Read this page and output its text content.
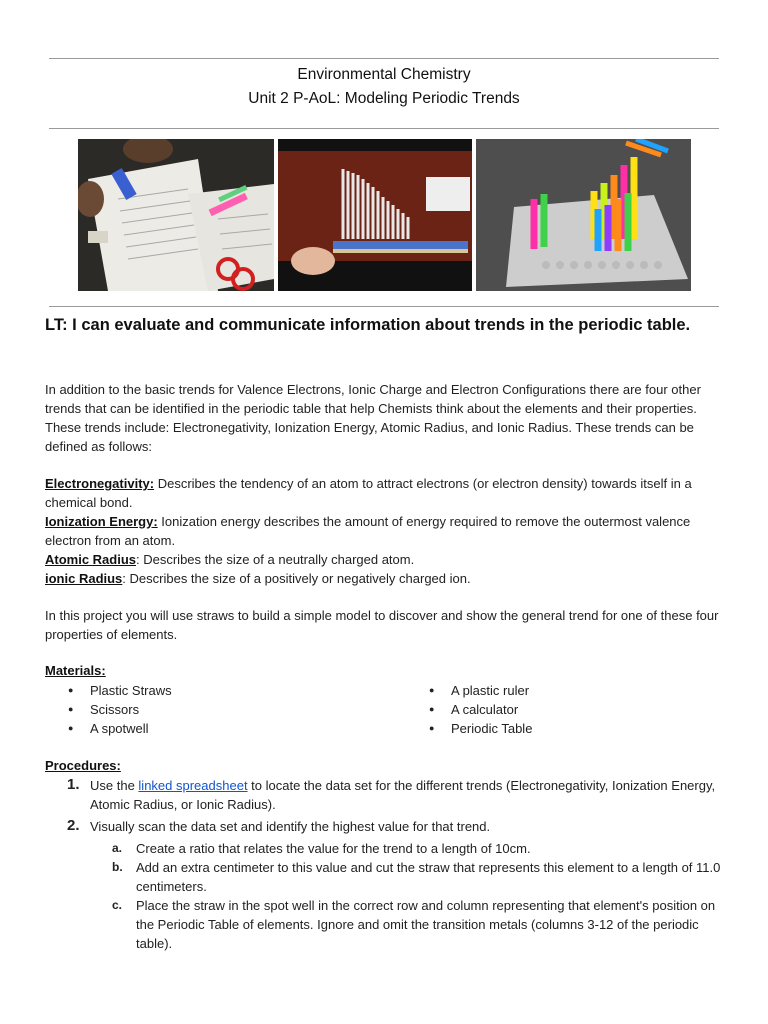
Environmental Chemistry
Unit 2 P-AoL: Modeling Periodic Trends
LT: I can evaluate and communicate information about trends in the periodic table.
In addition to the basic trends for Valence Electrons, Ionic Charge and Electron Configurations there are four other trends that can be identified in the periodic table that help Chemists think about the elements and their properties. These trends include: Electronegativity, Ionization Energy, Atomic Radius, and Ionic Radius. These trends can be defined as follows:
Electronegativity: Describes the tendency of an atom to attract electrons (or electron density) towards itself in a chemical bond.
Ionization Energy: Ionization energy describes the amount of energy required to remove the outermost valence electron from an atom.
Atomic Radius: Describes the size of a neutrally charged atom.
ionic Radius: Describes the size of a positively or negatively charged ion.
In this project you will use straws to build a simple model to discover and show the general trend for one of these four properties of elements.
Materials:
● Plastic Straws
● Scissors
● A spotwell
● A plastic ruler
● A calculator
● Periodic Table
Procedures:
1. Use the linked spreadsheet to locate the data set for the different trends (Electronegativity, Ionization Energy, Atomic Radius, or Ionic Radius).
2. Visually scan the data set and identify the highest value for that trend.
a. Create a ratio that relates the value for the trend to a length of 10cm.
b. Add an extra centimeter to this value and cut the straw that represents this element to a length of 11.0 centimeters.
c. Place the straw in the spot well in the correct row and column representing that element's position on the Periodic Table of elements. Ignore and omit the transition metals (columns 3-12 of the periodic table).
